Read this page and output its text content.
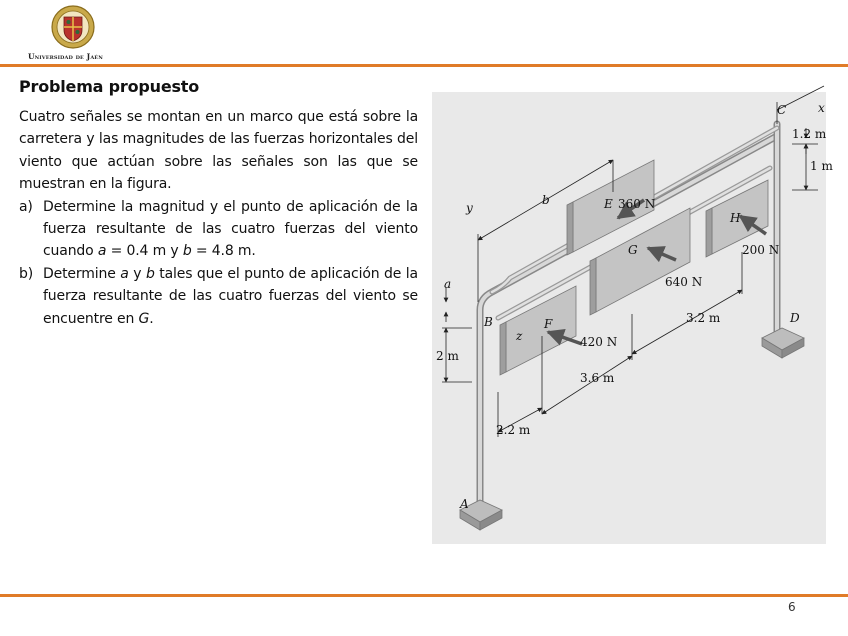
Universidad de Jaén
Problema propuesto

Cuatro señales se montan en un marco que está sobre la carretera y las magnitudes de las fuerzas horizontales del viento que actúan sobre las señales son las que se muestran en la figura.

a) Determine la magnitud y el punto de aplicación de la fuerza resultante de las cuatro fuerzas del viento cuando a = 0.4 m y b = 4.8 m.
b) Determine a y b tales que el punto de aplicación de la fuerza resultante de las cuatro fuerzas del viento se encuentre en G.
360 N
640 N
200 N
420 N
1.2 m
1 m
2 m
2.2 m
3.6 m
3.2 m
A
B
C
D
E
F
G
H
x
y
z
a
b
6
